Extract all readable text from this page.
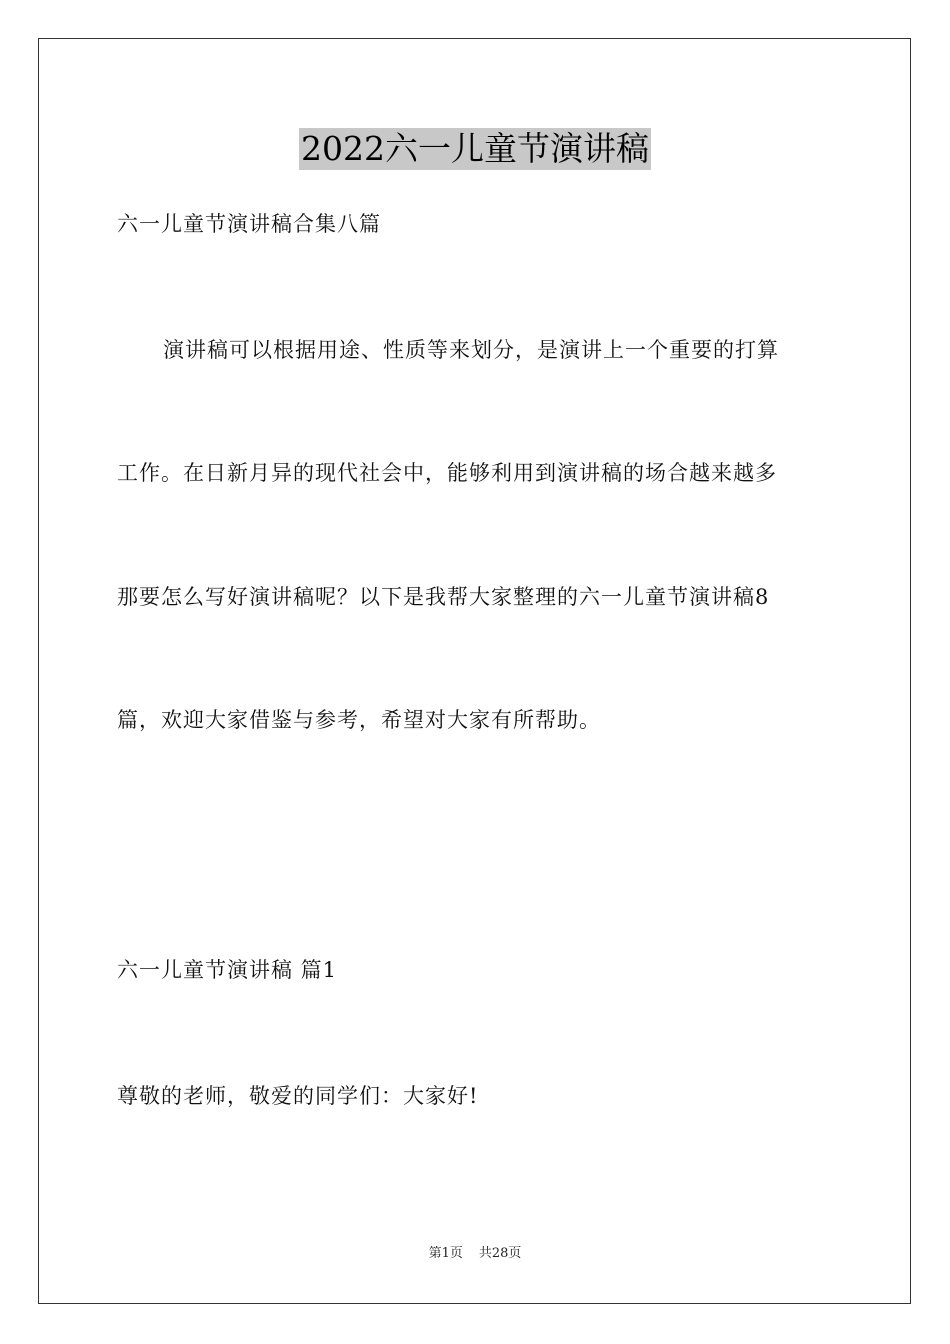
2022六一儿童节演讲稿
六一儿童节演讲稿合集八篇
演讲稿可以根据用途、性质等来划分，是演讲上一个重要的打算
工作。在日新月异的现代社会中，能够利用到演讲稿的场合越来越多
那要怎么写好演讲稿呢？以下是我帮大家整理的六一儿童节演讲稿8
篇，欢迎大家借鉴与参考，希望对大家有所帮助。
六一儿童节演讲稿 篇1
尊敬的老师，敬爱的同学们：大家好!
第1页 共28页
